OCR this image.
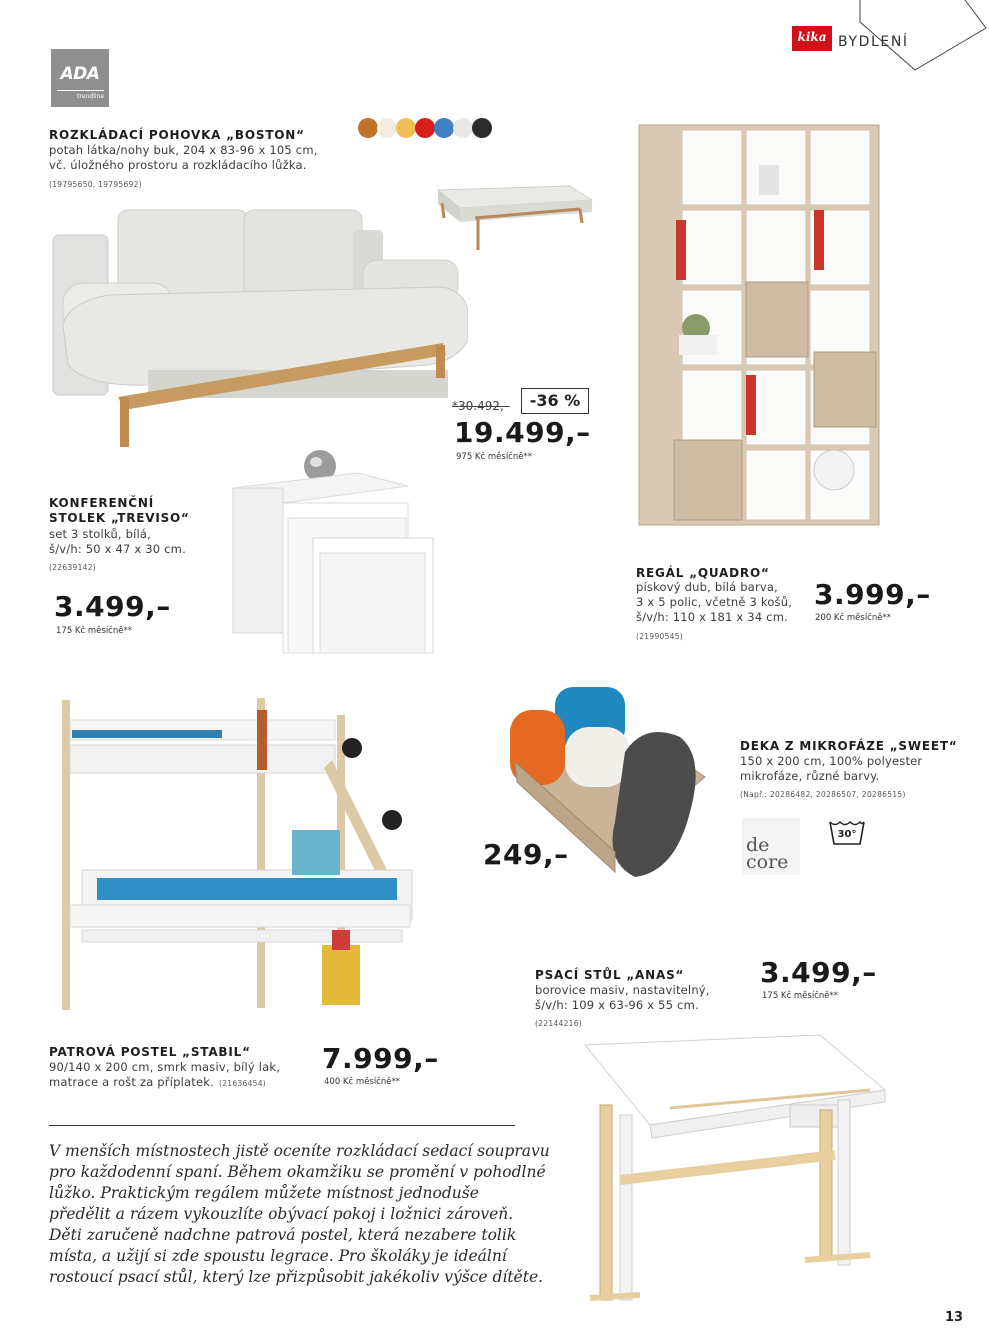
kika BYDLENÍ
ADA
trendline
ROZKLÁDACÍ POHOVKA „BOSTON“
potah látka/nohy buk, 204 x 83-96 x 105 cm,
vč. úložného prostoru a rozkládacího lůžka.
(19795650, 19795692)
*30.492,–	-36 %
19.499,–
975 Kč měsíčně**
KONFERENČNÍ
STOLEK „TREVISO“
set 3 stolků, bílá,
š/v/h: 50 x 47 x 30 cm.
(22639142)
3.499,–
175 Kč měsíčně**
REGÁL „QUADRO“
pískový dub, bílá barva,
3 x 5 polic, včetně 3 košů,
š/v/h: 110 x 181 x 34 cm.
(21990545)
3.999,–
200 Kč měsíčně**
PATROVÁ POSTEL „STABIL“
90/140 x 200 cm, smrk masiv, bílý lak,
matrace a rošt za příplatek. (21636454)
7.999,–
400 Kč měsíčně**
DEKA Z MIKROFÁZE „SWEET“
150 x 200 cm, 100% polyester
mikrofáze, různé barvy.
(Např.: 20286482, 20286507, 20286515)
249,–	de
core
30°
PSACÍ STŮL „ANAS“
borovice masiv, nastavitelný,
š/v/h: 109 x 63-96 x 55 cm.
(22144216)
3.499,–
175 Kč měsíčně**
V menších místnostech jistě oceníte rozkládací sedací soupravu
pro každodenní spaní. Během okamžiku se promění v pohodlné
lůžko. Praktickým regálem můžete místnost jednoduše
předělit a rázem vykouzlíte obývací pokoj i ložnici zároveň.
Děti zaručeně nadchne patrová postel, která nezabere tolik
místa, a užijí si zde spoustu legrace. Pro školáky je ideální
rostoucí psací stůl, který lze přizpůsobit jakékoliv výšce dítěte.
13
